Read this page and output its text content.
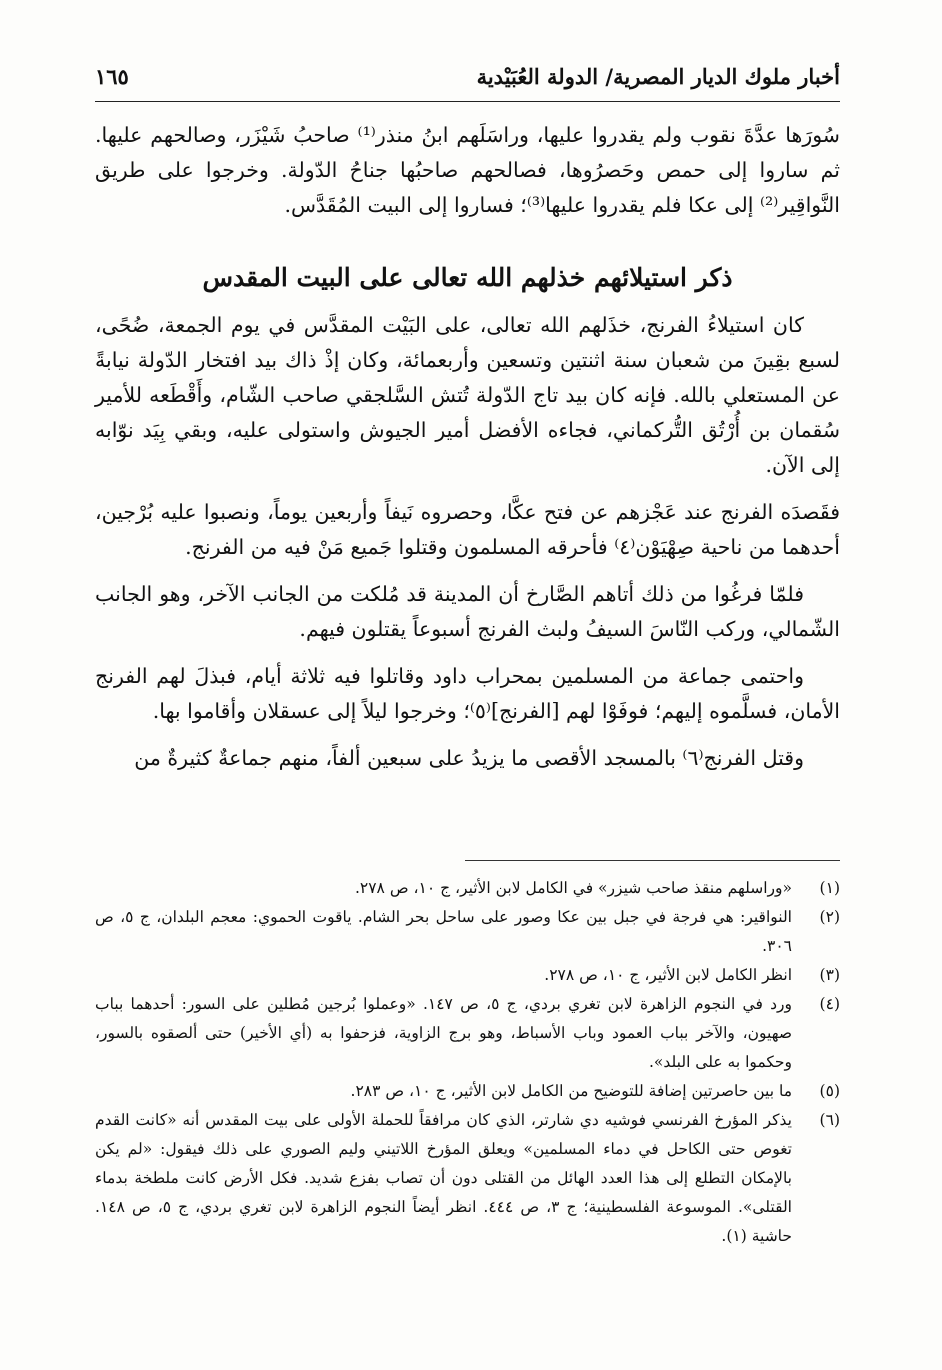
أخبار ملوك الديار المصرية/ الدولة العُبَيْدية
١٦٥

سُورَها عدَّةَ نقوب ولم يقدروا عليها، وراسَلَهم ابنُ منذر⁽¹⁾ صاحبُ شَيْزَر، وصالحهم عليها. ثم ساروا إلى حمص وحَصرُوها، فصالحهم صاحبُها جناحُ الدّولة. وخرجوا على طريق النَّواقِير⁽²⁾ إلى عكا فلم يقدروا عليها⁽³⁾؛ فساروا إلى البيت المُقَدَّس.

ذكر استيلائهم خذلهم الله تعالى على البيت المقدس

كان استيلاءُ الفرنج، خذَلهم الله تعالى، على البَيْت المقدَّس في يوم الجمعة، ضُحًى، لسبع بقِينَ من شعبان سنة اثنتين وتسعين وأربعمائة، وكان إذْ ذاك بيد افتخار الدّولة نيابةً عن المستعلي بالله. فإنه كان بيد تاج الدّولة تُتش السَّلجقي صاحب الشّام، وأَقْطَعه للأمير سُقمان بن أُرْتُق التُّركماني، فجاءه الأفضل أمير الجيوش واستولى عليه، وبقي بِيَد نوّابه إلى الآن.

فقَصدَه الفرنج عند عَجْزهم عن فتح عكَّا، وحصروه نَيفاً وأربعين يوماً، ونصبوا عليه بُرْجين، أحدهما من ناحية صِهْيَوْن⁽٤⁾ فأحرقه المسلمون وقتلوا جَميع مَنْ فيه من الفرنج.

فلمّا فرغُوا من ذلك أتاهم الصَّارخ أن المدينة قد مُلكت من الجانب الآخر، وهو الجانب الشّمالي، وركب النّاسَ السيفُ ولبث الفرنج أسبوعاً يقتلون فيهم.

واحتمى جماعة من المسلمين بمحراب داود وقاتلوا فيه ثلاثة أيام، فبذلَ لهم الفرنج الأمان، فسلَّموه إليهم؛ فوفَوْا لهم [الفرنج]⁽٥⁾؛ وخرجوا ليلاً إلى عسقلان وأقاموا بها.

وقتل الفرنج⁽٦⁾ بالمسجد الأقصى ما يزيدُ على سبعين ألفاً، منهم جماعةٌ كثيرةٌ من

(١)
«وراسلهم منقذ صاحب شيزر» في الكامل لابن الأثير، ج ١٠، ص ٢٧٨.
(٢)
النواقير: هي فرجة في جبل بين عكا وصور على ساحل بحر الشام. ياقوت الحموي: معجم البلدان، ج ٥، ص ٣٠٦.
(٣)
انظر الكامل لابن الأثير، ج ١٠، ص ٢٧٨.
(٤)
ورد في النجوم الزاهرة لابن تغري بردي، ج ٥، ص ١٤٧. «وعملوا بُرجين مُطلين على السور: أحدهما بباب صهيون، والآخر بباب العمود وباب الأسباط، وهو برج الزاوية، فزحفوا به (أي الأخير) حتى ألصقوه بالسور، وحكموا به على البلد».
(٥)
ما بين حاصرتين إضافة للتوضيح من الكامل لابن الأثير، ج ١٠، ص ٢٨٣.
(٦)
يذكر المؤرخ الفرنسي فوشيه دي شارتر، الذي كان مرافقاً للحملة الأولى على بيت المقدس أنه «كانت القدم تغوص حتى الكاحل في دماء المسلمين» ويعلق المؤرخ اللاتيني وليم الصوري على ذلك فيقول: «لم يكن بالإمكان التطلع إلى هذا العدد الهائل من القتلى دون أن تصاب بفزع شديد. فكل الأرض كانت ملطخة بدماء القتلى». الموسوعة الفلسطينية؛ ج ٣، ص ٤٤٤. انظر أيضاً النجوم الزاهرة لابن تغري بردي، ج ٥، ص ١٤٨. حاشية (١).
